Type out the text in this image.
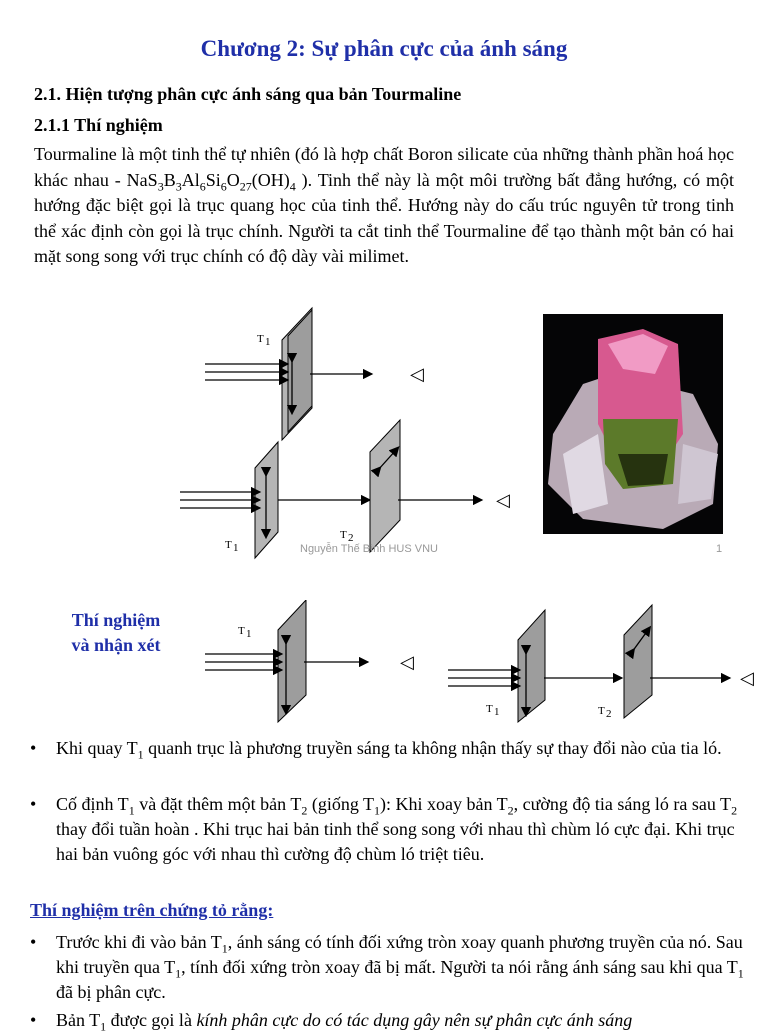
Chương 2: Sự phân cực của ánh sáng
2.1. Hiện tượng phân cực ánh sáng qua bản Tourmaline
2.1.1 Thí nghiệm
Tourmaline là một tinh thể tự nhiên (đó là hợp chất Boron silicate của những thành phần hoá học khác nhau - $NaS_3B_3Al_6Si_6O_{27}(OH)_4$ ). Tinh thể này là một môi trường bất đẳng hướng, có một hướng đặc biệt gọi là trục quang học của tinh thể. Hướng này do cấu trúc nguyên tử trong tinh thể xác định còn gọi là trục chính. Người ta cắt tinh thể Tourmaline để tạo thành một bản có hai mặt song song với trục chính có độ dày vài milimet.
◁
T 1
◁
T 1
T 2
Nguyễn Thế Bình HUS VNU	1
Thí nghiệm
và nhận xét
◁
T 1
◁
T 1	T 2
• Khi quay $T_1$ quanh trục là phương truyền sáng ta không nhận thấy sự thay đổi nào của tia ló.
• Cố định $T_1$ và đặt thêm một bản $T_2$ (giống $T_1$): Khi xoay bản $T_2$, cường độ tia sáng ló ra sau $T_2$ thay đổi tuần hoàn . Khi trục hai bản tinh thể song song với nhau thì chùm ló cực đại. Khi trục hai bản vuông góc với nhau thì cường độ chùm ló triệt tiêu.
Thí nghiệm trên chứng tỏ rằng:
• Trước khi đi vào bản $T_1$, ánh sáng có tính đối xứng tròn xoay quanh phương truyền của nó. Sau khi truyền qua $T_1$, tính đối xứng tròn xoay đã bị mất. Người ta nói rằng ánh sáng sau khi qua $T_1$ đã bị phân cực.
• Bản $T_1$ được gọi là kính phân cực do có tác dụng gây nên sự phân cực ánh sáng
